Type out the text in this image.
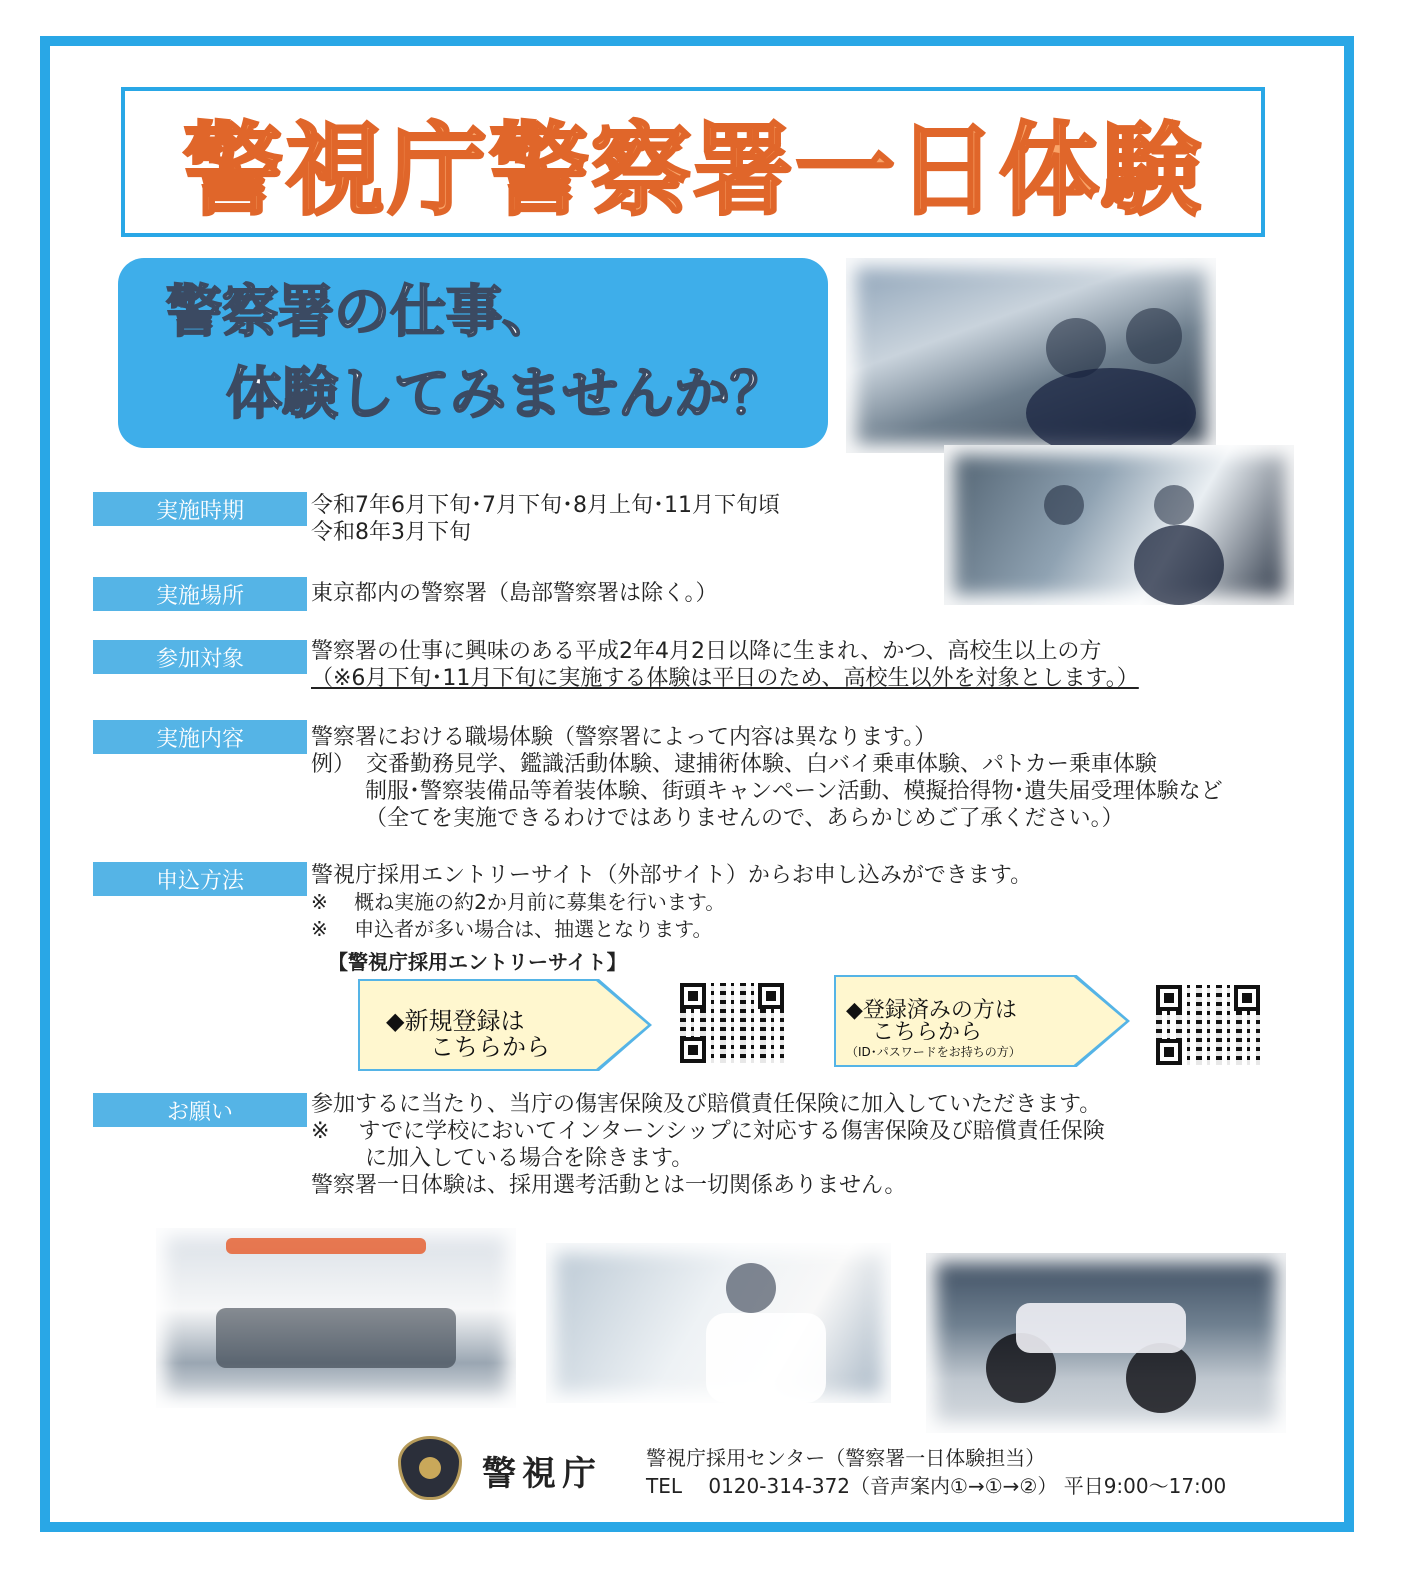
警視庁警察署一日体験
警察署の仕事、
体験してみませんか？
実施時期	令和7年6月下旬･7月下旬･8月上旬･11月下旬頃
令和8年3月下旬
実施場所	東京都内の警察署（島部警察署は除く。）
参加対象	警察署の仕事に興味のある平成2年4月2日以降に生まれ、かつ、高校生以上の方
（※6月下旬･11月下旬に実施する体験は平日のため、高校生以外を対象とします。）
実施内容	警察署における職場体験（警察署によって内容は異なります。）
例）　交番勤務見学、鑑識活動体験、逮捕術体験、白バイ乗車体験、パトカー乗車体験
制服･警察装備品等着装体験、街頭キャンペーン活動、模擬拾得物･遺失届受理体験など
（全てを実施できるわけではありませんので、あらかじめご了承ください。）
申込方法	警視庁採用エントリーサイト（外部サイト）からお申し込みができます。
※　 概ね実施の約2か月前に募集を行います。
※　 申込者が多い場合は、抽選となります。
【警視庁採用エントリーサイト】
◆新規登録は
こちらから
◆登録済みの方は
こちらから
（ID･パスワードをお持ちの方）
お願い	参加するに当たり、当庁の傷害保険及び賠償責任保険に加入していただきます。
※　 すでに学校においてインターンシップに対応する傷害保険及び賠償責任保険
に加入している場合を除きます。
警察署一日体験は、採用選考活動とは一切関係ありません。
警視庁 警視庁採用センター（警察署一日体験担当）
TEL　 0120-314-372（音声案内①→①→②） 平日9:00～17:00
